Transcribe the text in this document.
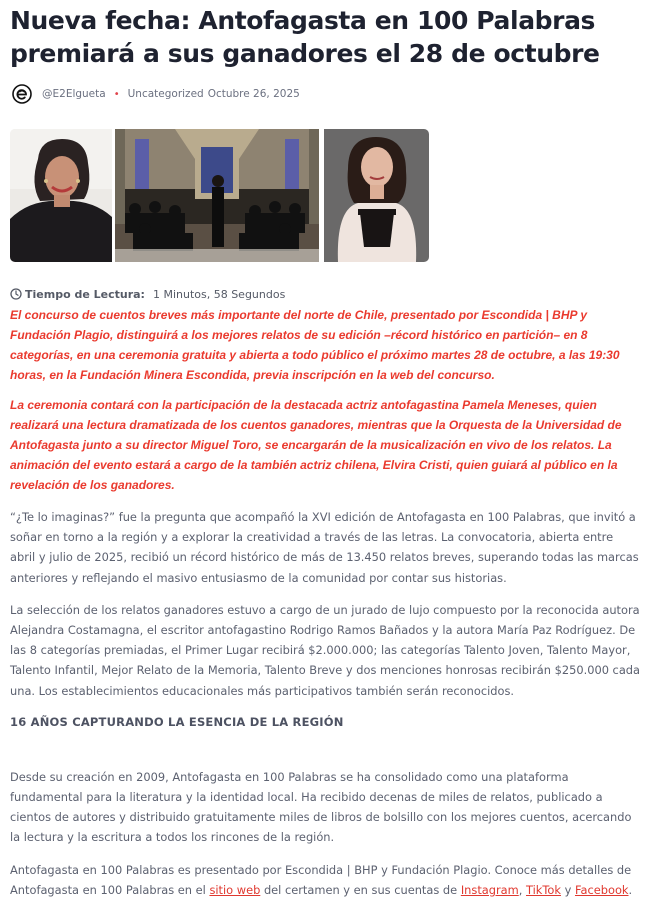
Nueva fecha: Antofagasta en 100 Palabras premiará a sus ganadores el 28 de octubre
@E2Elgueta • Uncategorized Octubre 26, 2025
Tiempo de Lectura: 1 Minutos, 58 Segundos

El concurso de cuentos breves más importante del norte de Chile, presentado por Escondida | BHP y Fundación Plagio, distinguirá a los mejores relatos de su edición –récord histórico en partición– en 8 categorías, en una ceremonia gratuita y abierta a todo público el próximo martes 28 de octubre, a las 19:30 horas, en la Fundación Minera Escondida, previa inscripción en la web del concurso.

La ceremonia contará con la participación de la destacada actriz antofagastina Pamela Meneses, quien realizará una lectura dramatizada de los cuentos ganadores, mientras que la Orquesta de la Universidad de Antofagasta junto a su director Miguel Toro, se encargarán de la musicalización en vivo de los relatos. La animación del evento estará a cargo de la también actriz chilena, Elvira Cristi, quien guiará al público en la revelación de los ganadores.

“¿Te lo imaginas?” fue la pregunta que acompañó la XVI edición de Antofagasta en 100 Palabras, que invitó a soñar en torno a la región y a explorar la creatividad a través de las letras. La convocatoria, abierta entre abril y julio de 2025, recibió un récord histórico de más de 13.450 relatos breves, superando todas las marcas anteriores y reflejando el masivo entusiasmo de la comunidad por contar sus historias.

La selección de los relatos ganadores estuvo a cargo de un jurado de lujo compuesto por la reconocida autora Alejandra Costamagna, el escritor antofagastino Rodrigo Ramos Bañados y la autora María Paz Rodríguez. De las 8 categorías premiadas, el Primer Lugar recibirá $2.000.000; las categorías Talento Joven, Talento Mayor, Talento Infantil, Mejor Relato de la Memoria, Talento Breve y dos menciones honrosas recibirán $250.000 cada una. Los establecimientos educacionales más participativos también serán reconocidos.

16 AÑOS CAPTURANDO LA ESENCIA DE LA REGIÓN

Desde su creación en 2009, Antofagasta en 100 Palabras se ha consolidado como una plataforma fundamental para la literatura y la identidad local. Ha recibido decenas de miles de relatos, publicado a cientos de autores y distribuido gratuitamente miles de libros de bolsillo con los mejores cuentos, acercando la lectura y la escritura a todos los rincones de la región.

Antofagasta en 100 Palabras es presentado por Escondida | BHP y Fundación Plagio. Conoce más detalles de Antofagasta en 100 Palabras en el sitio web del certamen y en sus cuentas de Instagram, TikTok y Facebook.
